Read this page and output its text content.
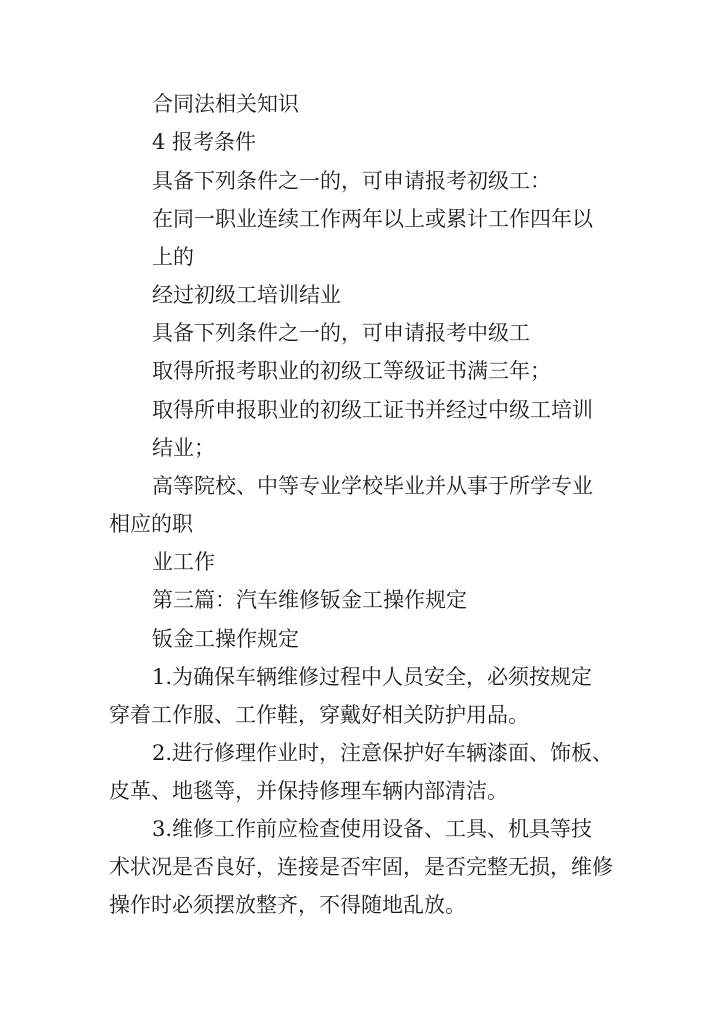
合同法相关知识
4 报考条件
具备下列条件之一的，可申请报考初级工：
在同一职业连续工作两年以上或累计工作四年以
上的
经过初级工培训结业
具备下列条件之一的，可申请报考中级工
取得所报考职业的初级工等级证书满三年；
取得所申报职业的初级工证书并经过中级工培训
结业；
高等院校、中等专业学校毕业并从事于所学专业
相应的职
业工作
第三篇：汽车维修钣金工操作规定
钣金工操作规定
1.为确保车辆维修过程中人员安全，必须按规定
穿着工作服、工作鞋，穿戴好相关防护用品。
2.进行修理作业时，注意保护好车辆漆面、饰板、
皮革、地毯等，并保持修理车辆内部清洁。
3.维修工作前应检查使用设备、工具、机具等技
术状况是否良好，连接是否牢固，是否完整无损，维修
操作时必须摆放整齐，不得随地乱放。
